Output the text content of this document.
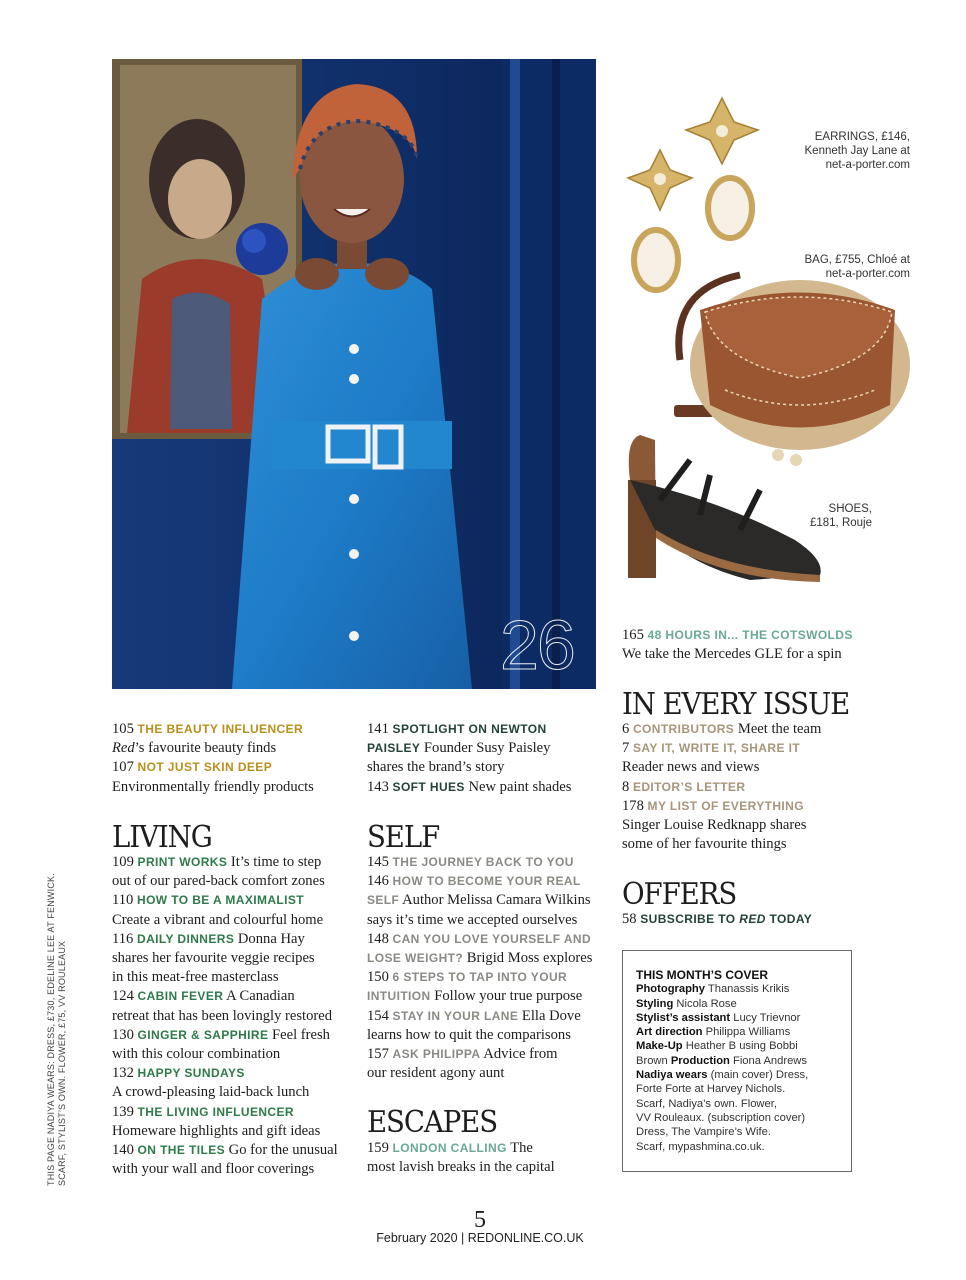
26
EARRINGS, £146,
Kenneth Jay Lane at
net-a-porter.com
BAG, £755, Chloé at
net-a-porter.com
SHOES,
£181, Rouje

165 48 HOURS IN... THE COTSWOLDS

We take the Mercedes GLE for a spin

105 THE BEAUTY INFLUENCER

Red’s favourite beauty finds

107 NOT JUST SKIN DEEP

Environmentally friendly products

141 SPOTLIGHT ON NEWTON

PAISLEY Founder Susy Paisley

shares the brand’s story

143 SOFT HUES New paint shades

LIVING

109 PRINT WORKS It’s time to step

out of our pared-back comfort zones

110 HOW TO BE A MAXIMALIST

Create a vibrant and colourful home

116 DAILY DINNERS Donna Hay

shares her favourite veggie recipes

in this meat-free masterclass

124 CABIN FEVER A Canadian

retreat that has been lovingly restored

130 GINGER & SAPPHIRE Feel fresh

with this colour combination

132 HAPPY SUNDAYS

A crowd-pleasing laid-back lunch

139 THE LIVING INFLUENCER

Homeware highlights and gift ideas

140 ON THE TILES Go for the unusual

with your wall and floor coverings

SELF

145 THE JOURNEY BACK TO YOU

146 HOW TO BECOME YOUR REAL

SELF Author Melissa Camara Wilkins

says it’s time we accepted ourselves

148 CAN YOU LOVE YOURSELF AND

LOSE WEIGHT? Brigid Moss explores

150 6 STEPS TO TAP INTO YOUR

INTUITION Follow your true purpose

154 STAY IN YOUR LANE Ella Dove

learns how to quit the comparisons

157 ASK PHILIPPA Advice from

our resident agony aunt

ESCAPES

159 LONDON CALLING The

most lavish breaks in the capital

IN EVERY ISSUE

6 CONTRIBUTORS Meet the team

7 SAY IT, WRITE IT, SHARE IT

Reader news and views

8 EDITOR’S LETTER

178 MY LIST OF EVERYTHING

Singer Louise Redknapp shares

some of her favourite things

OFFERS

58 SUBSCRIBE TO RED TODAY

THIS MONTH’S COVER
Photography Thanassis Krikis
Styling Nicola Rose
Stylist’s assistant Lucy Trievnor
Art direction Philippa Williams
Make-Up Heather B using Bobbi
Brown Production Fiona Andrews
Nadiya wears (main cover) Dress,
Forte Forte at Harvey Nichols.
Scarf, Nadiya’s own. Flower,
VV Rouleaux. (subscription cover)
Dress, The Vampire’s Wife.
Scarf, mypashmina.co.uk.
THIS PAGE NADIYA WEARS: DRESS, £730, EDELINE LEE AT FENWICK. SCARF, STYLIST’S OWN. FLOWER, £75, VV ROULEAUX
5
February 2020 | REDONLINE.CO.UK
